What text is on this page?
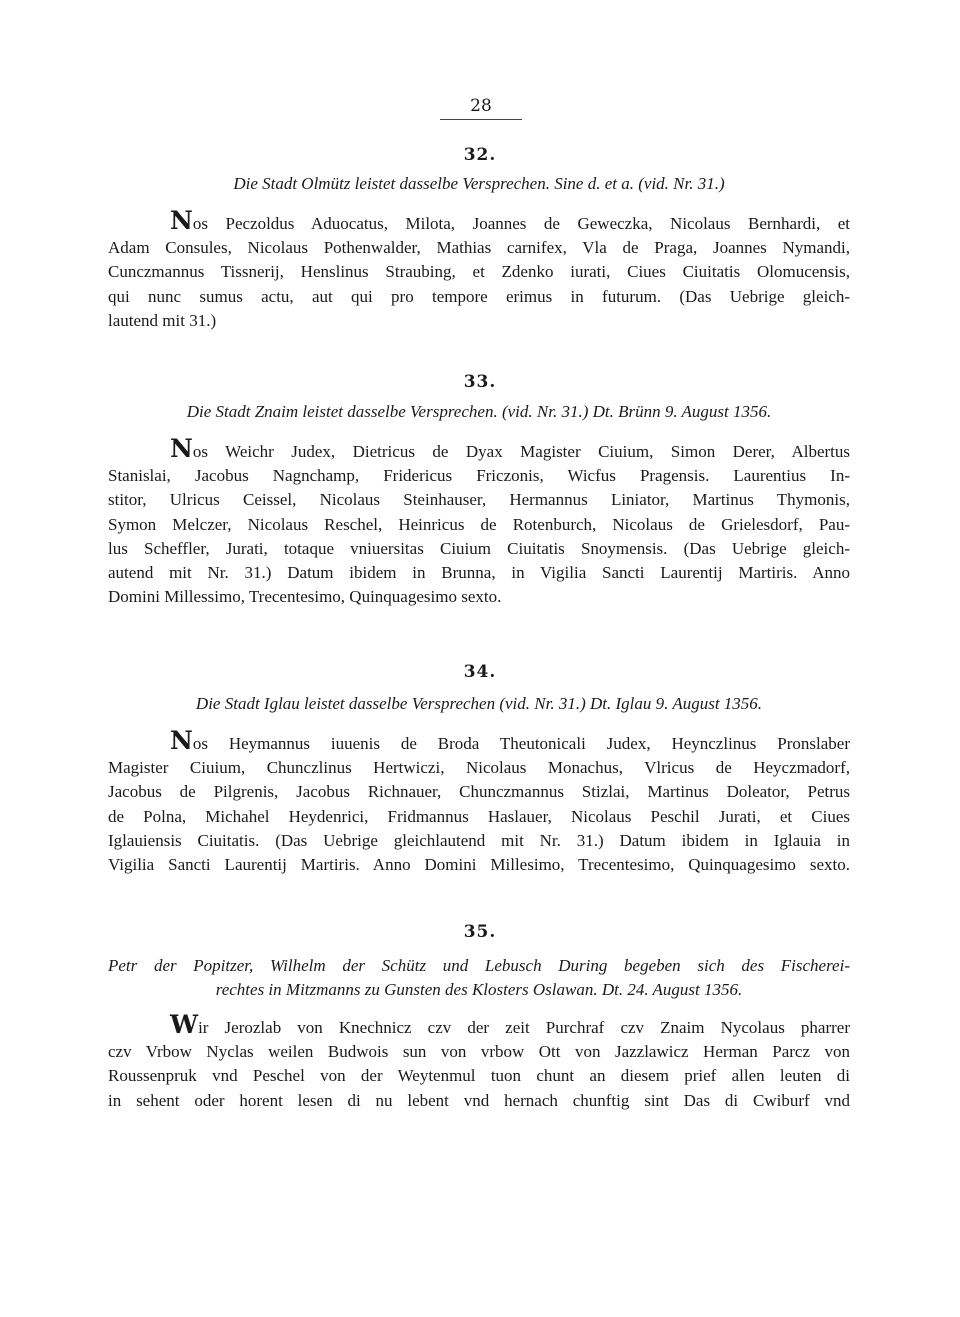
28
32.
Die Stadt Olmütz leistet dasselbe Versprechen. Sine d. et a. (vid. Nr. 31.)
Nos Peczoldus Aduocatus, Milota, Joannes de Geweczka, Nicolaus Bernhardi, et
Adam Consules, Nicolaus Pothenwalder, Mathias carnifex, Vla de Praga, Joannes Nymandi,
Cunczmannus Tissnerij, Henslinus Straubing, et Zdenko iurati, Ciues Ciuitatis Olomucensis,
qui nunc sumus actu, aut qui pro tempore erimus in futurum. (Das Uebrige gleich-
lautend mit 31.)
33.
Die Stadt Znaim leistet dasselbe Versprechen. (vid. Nr. 31.) Dt. Brünn 9. August 1356.
Nos Weichr Judex, Dietricus de Dyax Magister Ciuium, Simon Derer, Albertus
Stanislai, Jacobus Nagnchamp, Fridericus Friczonis, Wicfus Pragensis. Laurentius In-
stitor, Ulricus Ceissel, Nicolaus Steinhauser, Hermannus Liniator, Martinus Thymonis,
Symon Melczer, Nicolaus Reschel, Heinricus de Rotenburch, Nicolaus de Grielesdorf, Pau-
lus Scheffler, Jurati, totaque vniuersitas Ciuium Ciuitatis Snoymensis. (Das Uebrige gleich-
autend mit Nr. 31.) Datum ibidem in Brunna, in Vigilia Sancti Laurentij Martiris. Anno
Domini Millessimo, Trecentesimo, Quinquagesimo sexto.
34.
Die Stadt Iglau leistet dasselbe Versprechen (vid. Nr. 31.) Dt. Iglau 9. August 1356.
Nos Heymannus iuuenis de Broda Theutonicali Judex, Heynczlinus Pronslaber
Magister Ciuium, Chunczlinus Hertwiczi, Nicolaus Monachus, Vlricus de Heyczmadorf,
Jacobus de Pilgrenis, Jacobus Richnauer, Chunczmannus Stizlai, Martinus Doleator, Petrus
de Polna, Michahel Heydenrici, Fridmannus Haslauer, Nicolaus Peschil Jurati, et Ciues
Iglauiensis Ciuitatis. (Das Uebrige gleichlautend mit Nr. 31.) Datum ibidem in Iglauia in
Vigilia Sancti Laurentij Martiris. Anno Domini Millesimo, Trecentesimo, Quinquagesimo sexto.
35.
Petr der Popitzer, Wilhelm der Schütz und Lebusch During begeben sich des Fischerei-
rechtes in Mitzmanns zu Gunsten des Klosters Oslawan. Dt. 24. August 1356.
Wir Jerozlab von Knechnicz czv der zeit Purchraf czv Znaim Nycolaus pharrer
czv Vrbow Nyclas weilen Budwois sun von vrbow Ott von Jazzlawicz Herman Parcz von
Roussenpruk vnd Peschel von der Weytenmul tuon chunt an diesem prief allen leuten di
in sehent oder horent lesen di nu lebent vnd hernach chunftig sint Das di Cwiburf vnd
